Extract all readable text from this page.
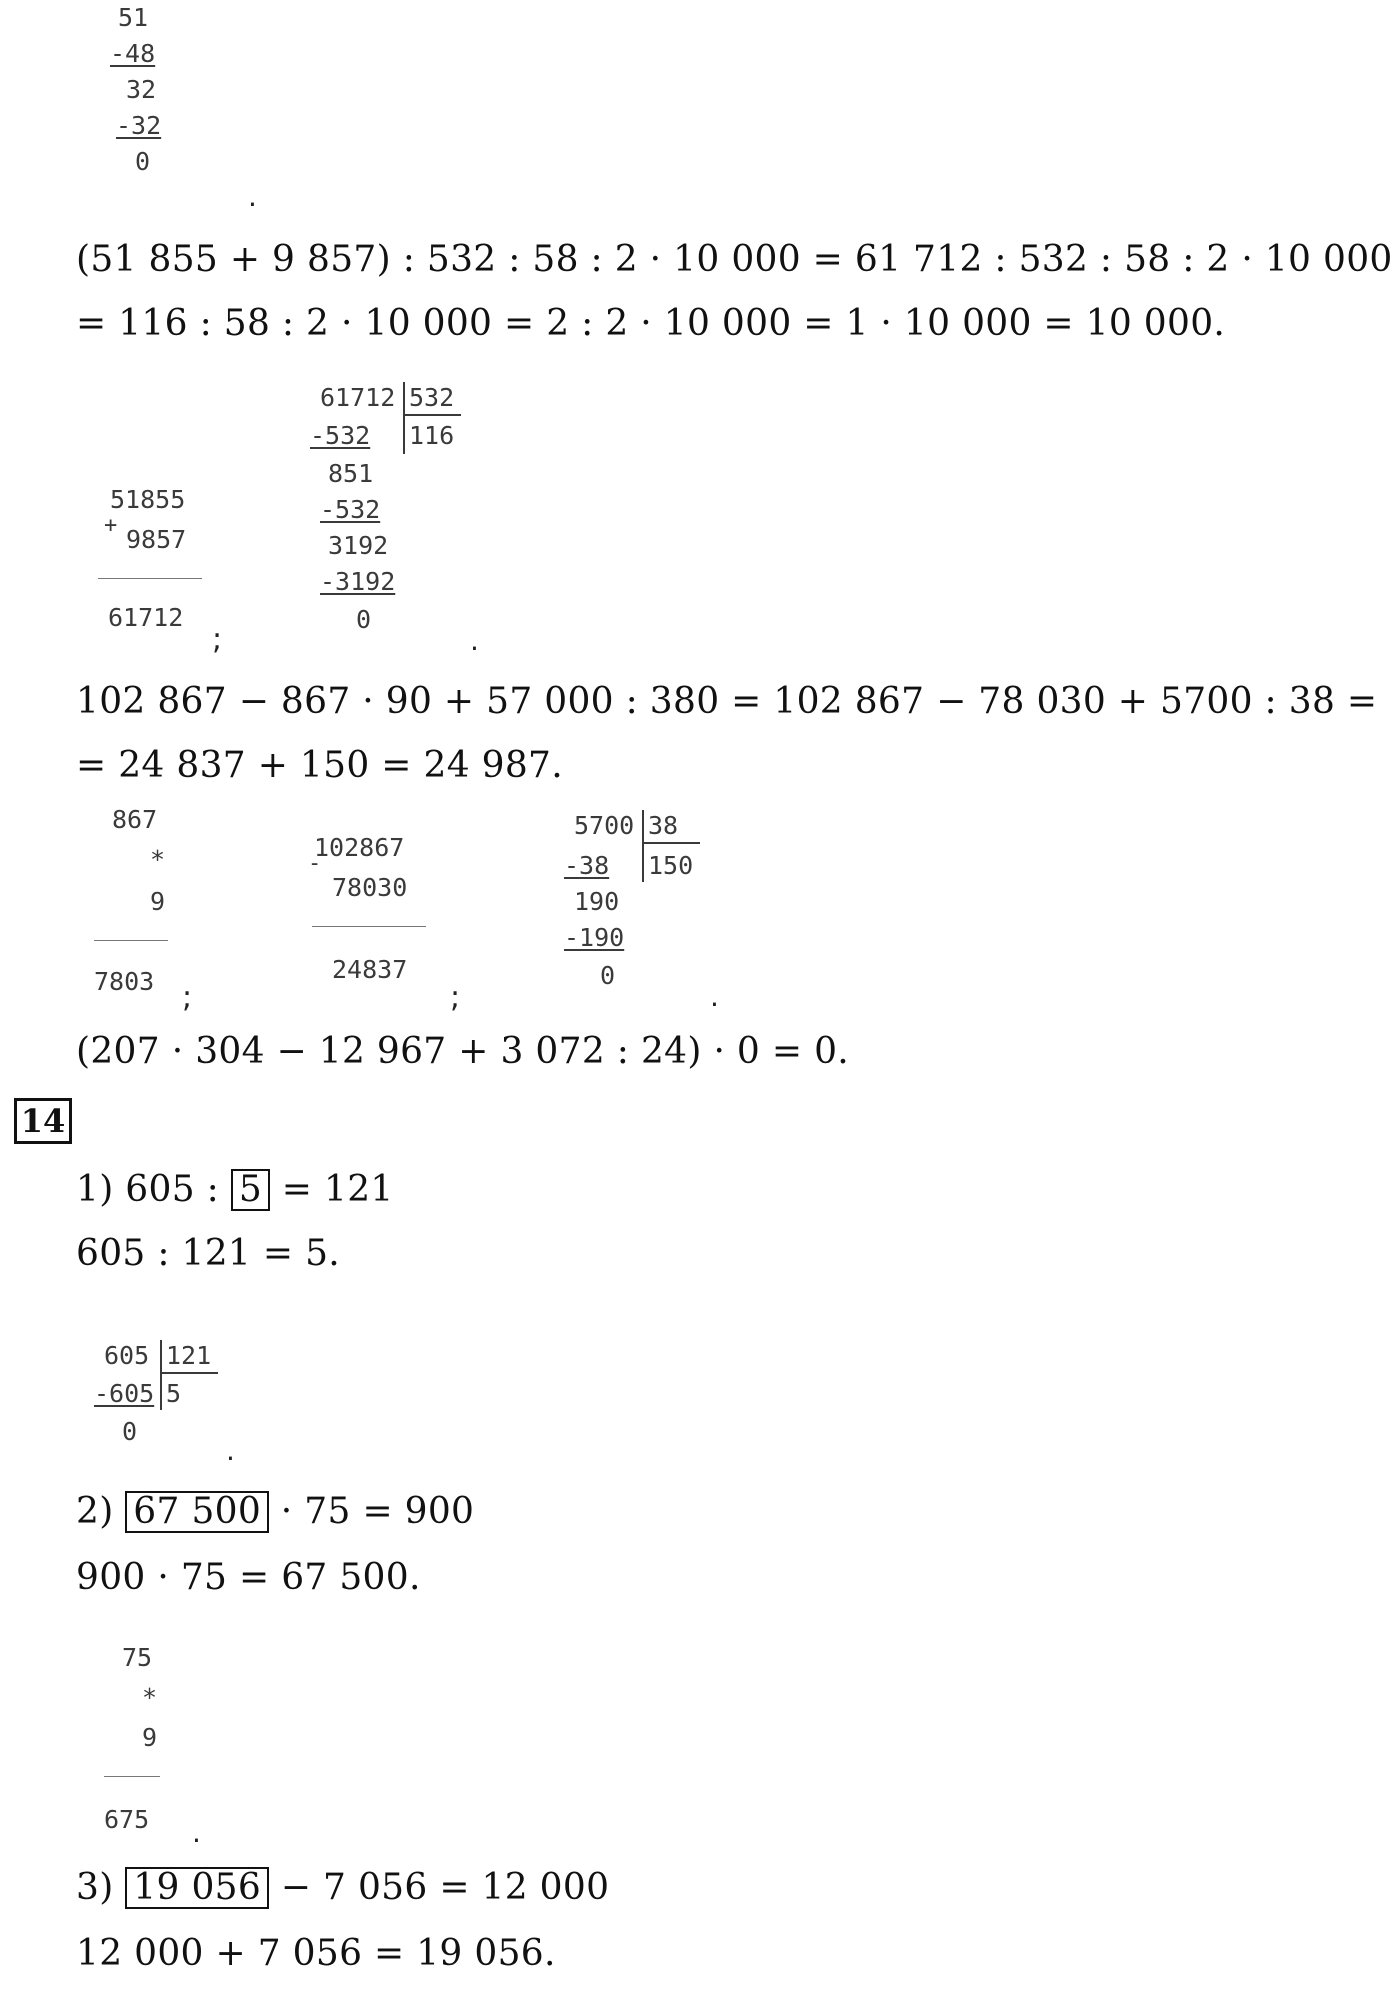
51
-48
32
-32
0
.
(51 855 + 9 857) : 532 : 58 : 2 · 10 000 = 61 712 : 532 : 58 : 2 · 10 000
= 116 : 58 : 2 · 10 000 = 2 : 2 · 10 000 = 1 · 10 000 = 10 000.
+
51855
9857
61712
;
61712 532
116
-532
851
-532
3192
-3192
0
.
102 867 − 867 · 90 + 57 000 : 380 = 102 867 − 78 030 + 5700 : 38 =
= 24 837 + 150 = 24 987.
867
*
9
7803 ;
-
102867
78030
24837
;
5700 38
150
-38
190
-190
0
.
(207 · 304 − 12 967 + 3 072 : 24) · 0 = 0.
14
1) 605 : 5 = 121
605 : 121 = 5.
605 121
5
-605
0
.
2) 67 500 · 75 = 900
900 · 75 = 67 500.
75
*
9
675 .
3) 19 056 − 7 056 = 12 000
12 000 + 7 056 = 19 056.
